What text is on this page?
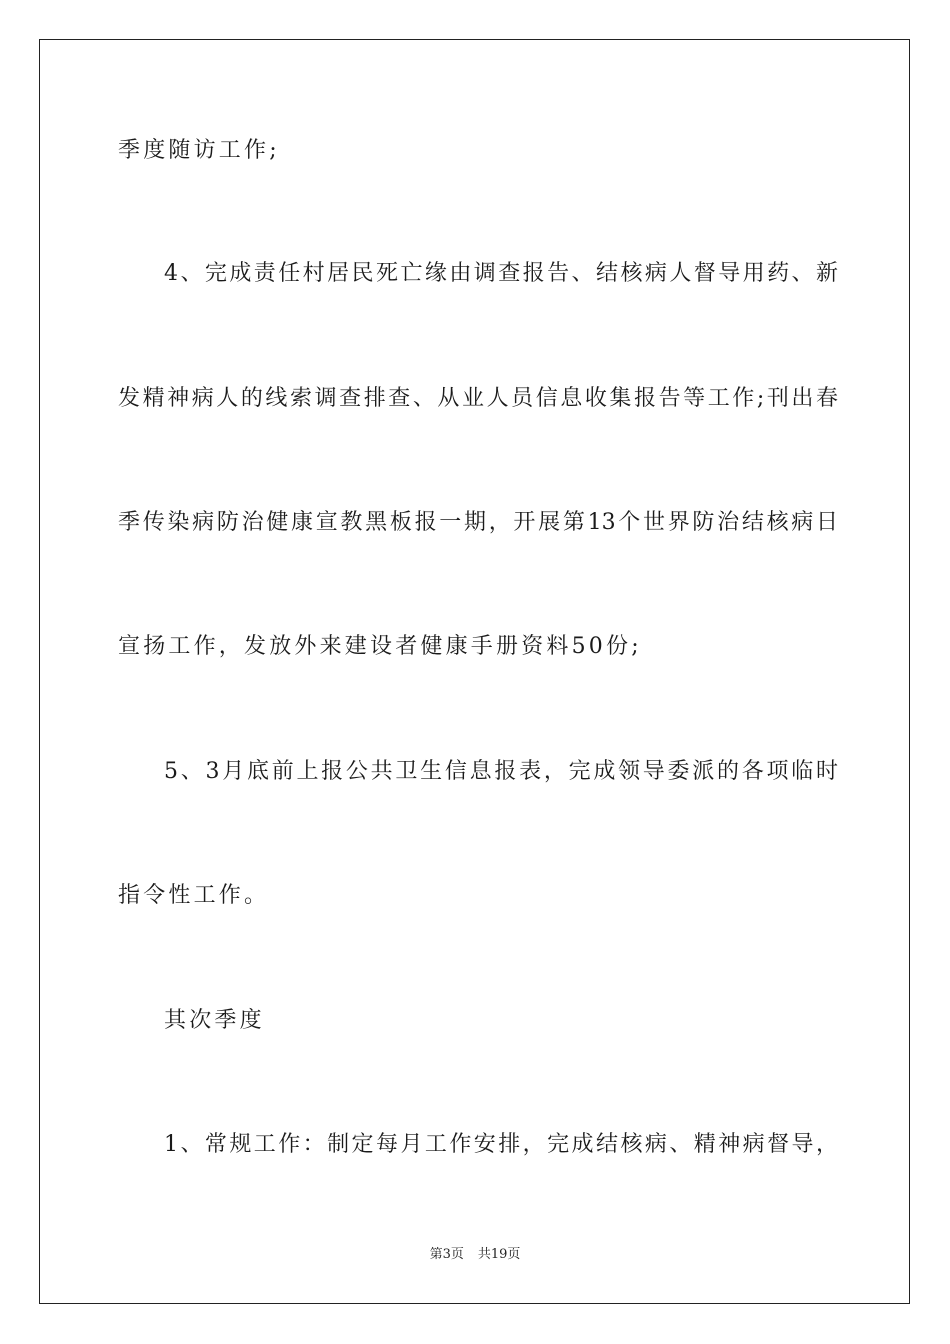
季度随访工作;
4、完成责任村居民死亡缘由调查报告、结核病人督导用药、新
发精神病人的线索调查排查、从业人员信息收集报告等工作;刊出春
季传染病防治健康宣教黑板报一期，开展第13个世界防治结核病日
宣扬工作，发放外来建设者健康手册资料50份;
5、3月底前上报公共卫生信息报表，完成领导委派的各项临时
指令性工作。
其次季度
1、常规工作：制定每月工作安排，完成结核病、精神病督导，
第3页 共19页
